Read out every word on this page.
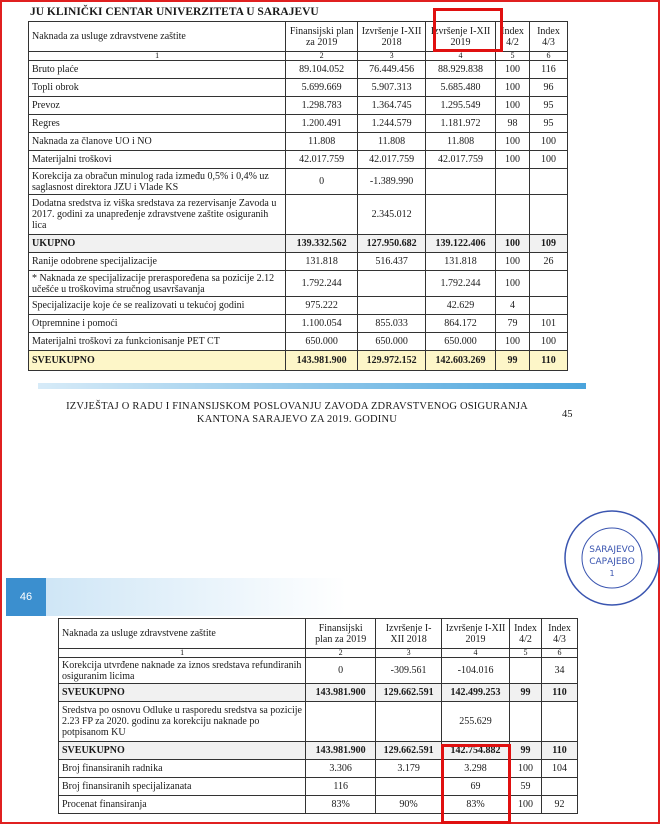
JU KLINIČKI CENTAR UNIVERZITETA U SARAJEVU
Naknada za usluge zdravstvene zaštite	Finansijski plan za 2019	Izvršenje I-XII 2018	Izvršenje I-XII 2019	Index 4/2	Index 4/3
1	2	3	4	5	6
Bruto plaće	89.104.052	76.449.456	88.929.838	100	116
Topli obrok	5.699.669	5.907.313	5.685.480	100	96
Prevoz	1.298.783	1.364.745	1.295.549	100	95
Regres	1.200.491	1.244.579	1.181.972	98	95
Naknada za članove UO i NO	11.808	11.808	11.808	100	100
Materijalni troškovi	42.017.759	42.017.759	42.017.759	100	100
Korekcija za obračun minulog rada između 0,5% i 0,4% uz saglasnost direktora JZU i Vlade KS	0	-1.389.990			
Dodatna sredstva iz viška sredstava za rezervisanje Zavoda u 2017. godini za unapređenje zdravstvene zaštite osiguranih lica		2.345.012			
UKUPNO	139.332.562	127.950.682	139.122.406	100	109
Ranije odobrene specijalizacije	131.818	516.437	131.818	100	26
* Naknada ze specijalizacije preraspoređena sa pozicije 2.12 učešće u troškovima stručnog usavršavanja	1.792.244		1.792.244	100	
Specijalizacije koje će se realizovati u tekućoj godini	975.222		42.629	4	
Otpremnine i pomoći	1.100.054	855.033	864.172	79	101
Materijalni troškovi za funkcionisanje PET CT	650.000	650.000	650.000	100	100
SVEUKUPNO	143.981.900	129.972.152	142.603.269	99	110
Naknada za usluge zdravstvene zaštite	Finansijski plan za 2019	Izvršenje I-XII 2018	Izvršenje I-XII 2019	Index 4/2	Index 4/3
1	2	3	4	5	6
Korekcija utvrđene naknade za iznos sredstava refundiranih osiguranim licima	0	-309.561	-104.016		34
SVEUKUPNO	143.981.900	129.662.591	142.499.253	99	110
Sredstva po osnovu Odluke u rasporedu sredstva sa pozicije 2.23 FP za 2020. godinu za korekciju naknade po potpisanom KU			255.629		
SVEUKUPNO	143.981.900	129.662.591	142.754.882	99	110
Broj finansiranih radnika	3.306	3.179	3.298	100	104
Broj finansiranih specijalizanata	116		69	59	
Procenat finansiranja	83%	90%	83%	100	92
IZVJEŠTAJ O RADU I FINANSIJSKOM POSLOVANJU ZAVODA ZDRAVSTVENOG OSIGURANJA
KANTONA SARAJEVO ZA 2019. GODINU	45
46
SARAJEVO
САРАЈЕВО
1
